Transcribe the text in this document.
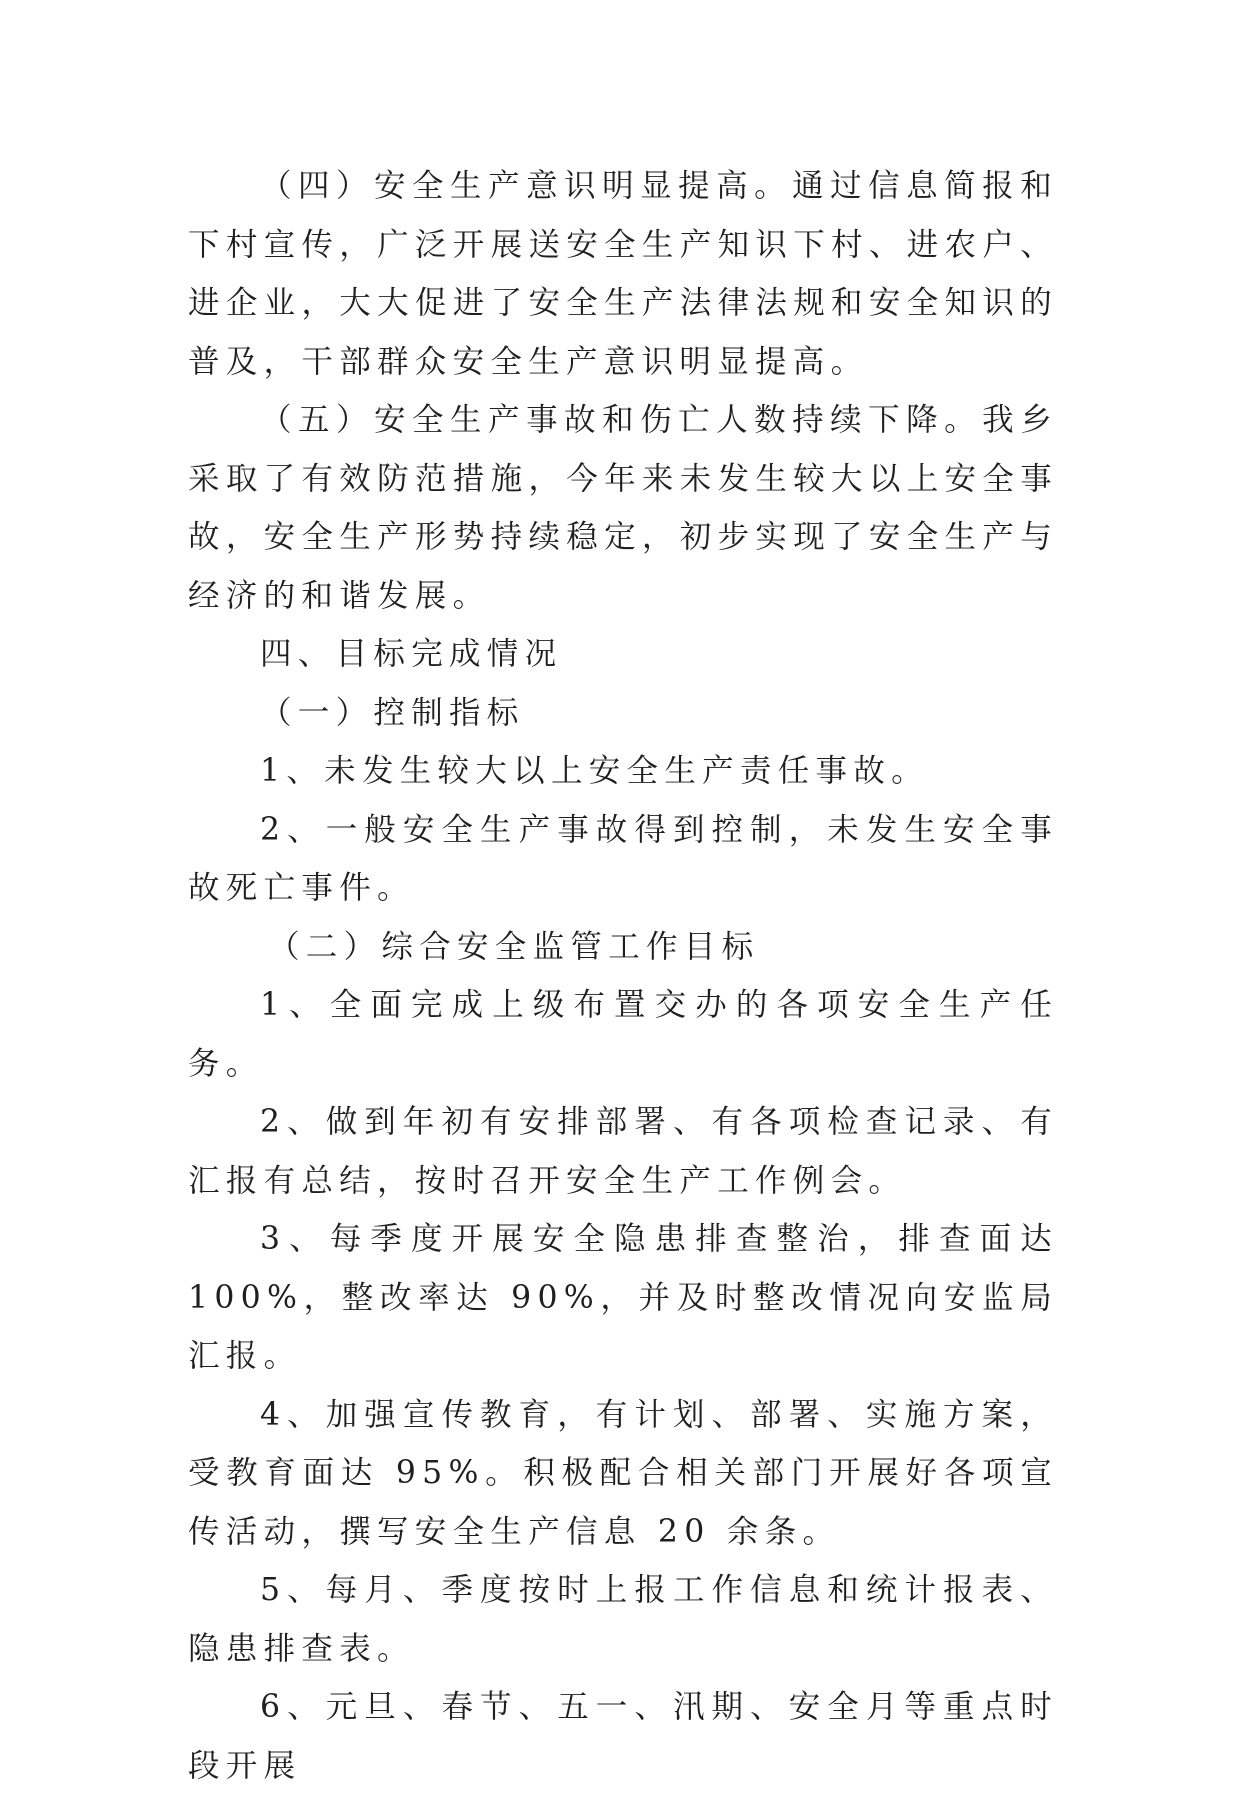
（四）安全生产意识明显提高。通过信息简报和下村宣传，广泛开展送安全生产知识下村、进农户、进企业，大大促进了安全生产法律法规和安全知识的普及，干部群众安全生产意识明显提高。

（五）安全生产事故和伤亡人数持续下降。我乡采取了有效防范措施，今年来未发生较大以上安全事故，安全生产形势持续稳定，初步实现了安全生产与经济的和谐发展。

四、目标完成情况

（一）控制指标

1、未发生较大以上安全生产责任事故。

2、一般安全生产事故得到控制，未发生安全事故死亡事件。

（二）综合安全监管工作目标

1、全面完成上级布置交办的各项安全生产任务。

2、做到年初有安排部署、有各项检查记录、有汇报有总结，按时召开安全生产工作例会。

3、每季度开展安全隐患排查整治，排查面达 100%，整改率达 90%，并及时整改情况向安监局汇报。

4、加强宣传教育，有计划、部署、实施方案，受教育面达 95%。积极配合相关部门开展好各项宣传活动，撰写安全生产信息 20 余条。

5、每月、季度按时上报工作信息和统计报表、隐患排查表。

6、元旦、春节、五一、汛期、安全月等重点时段开展
